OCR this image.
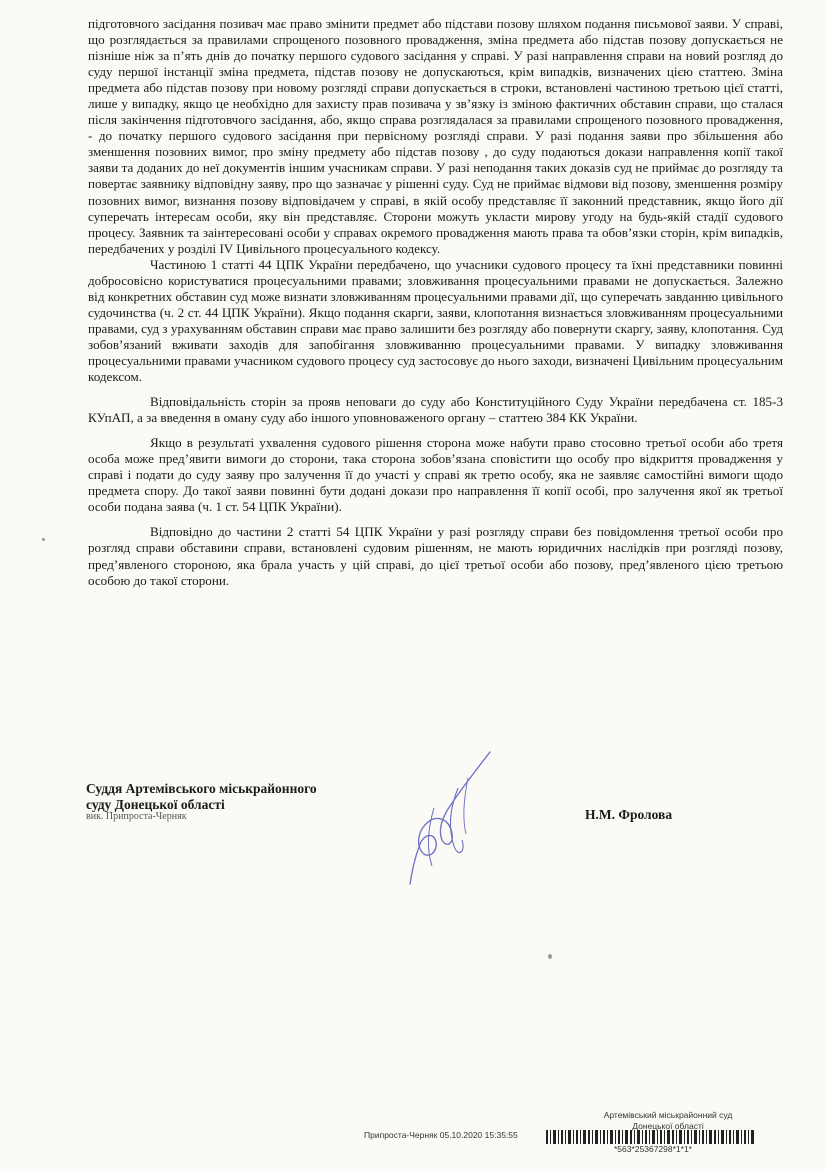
підготовчого засідання позивач має право змінити предмет або підстави позову шляхом подання письмової заяви. У справі, що розглядається за правилами спрощеного позовного провадження, зміна предмета або підстав позову допускається не пізніше ніж за п’ять днів до початку першого судового засідання у справі. У разі направлення справи на новий розгляд до суду першої інстанції зміна предмета, підстав позову не допускаються, крім випадків, визначених цією статтею. Зміна предмета або підстав позову при новому розгляді справи допускається в строки, встановлені частиною третьою цієї статті, лише у випадку, якщо це необхідно для захисту прав позивача у зв’язку із зміною фактичних обставин справи, що сталася після закінчення підготовчого засідання, або, якщо справа розглядалася за правилами спрощеного позовного провадження, - до початку першого судового засідання при первісному розгляді справи. У разі подання заяви про збільшення або зменшення позовних вимог, про зміну предмету або підстав позову , до суду подаються докази направлення копії такої заяви та доданих до неї документів іншим учасникам справи. У разі неподання таких доказів суд не приймає до розгляду та повертає заявнику відповідну заяву, про що зазначає у рішенні суду. Суд не приймає відмови від позову, зменшення розміру позовних вимог, визнання позову відповідачем у справі, в якій особу представляє її законний представник, якщо його дії суперечать інтересам особи, яку він представляє. Сторони можуть укласти мирову угоду на будь-якій стадії судового процесу. Заявник та заінтересовані особи у справах окремого провадження мають права та обов’язки сторін, крім випадків, передбачених у розділі IV Цивільного процесуального кодексу.

Частиною 1 статті 44 ЦПК України передбачено, що учасники судового процесу та їхні представники повинні добросовісно користуватися процесуальними правами; зловживання процесуальними правами не допускається. Залежно від конкретних обставин суд може визнати зловживанням процесуальними правами дії, що суперечать завданню цивільного судочинства (ч. 2 ст. 44 ЦПК України). Якщо подання скарги, заяви, клопотання визнається зловживанням процесуальними правами, суд з урахуванням обставин справи має право залишити без розгляду або повернути скаргу, заяву, клопотання. Суд зобов’язаний вживати заходів для запобігання зловживанню процесуальними правами. У випадку зловживання процесуальними правами учасником судового процесу суд застосовує до нього заходи, визначені Цивільним процесуальним кодексом.

Відповідальність сторін за прояв неповаги до суду або Конституційного Суду України передбачена ст. 185-3 КУпАП, а за введення в оману суду або іншого уповноваженого органу – статтею 384 КК України.

Якщо в результаті ухвалення судового рішення сторона може набути право стосовно третьої особи або третя особа може пред’явити вимоги до сторони, така сторона зобов’язана сповістити що особу про відкриття провадження у справі і подати до суду заяву про залучення її до участі у справі як третю особу, яка не заявляє самостійні вимоги щодо предмета спору. До такої заяви повинні бути додані докази про направлення її копії особі, про залучення якої як третьої особи подана заява (ч. 1 ст. 54 ЦПК України).

Відповідно до частини 2 статті 54 ЦПК України у разі розгляду справи без повідомлення третьої особи про розгляд справи обставини справи, встановлені судовим рішенням, не мають юридичних наслідків при розгляді позову, пред’явленого стороною, яка брала участь у цій справі, до цієї третьої особи або позову, пред’явленого цією третьою особою до такої сторони.

Суддя Артемівського міськрайонного
суду Донецької області
вик. Припроста-Черняк	Н.М. Фролова
Артемівський міськрайонний суд
Припроста-Черняк 05.10.2020 15:35:55
Донецької області
*563*25367298*1*1*
